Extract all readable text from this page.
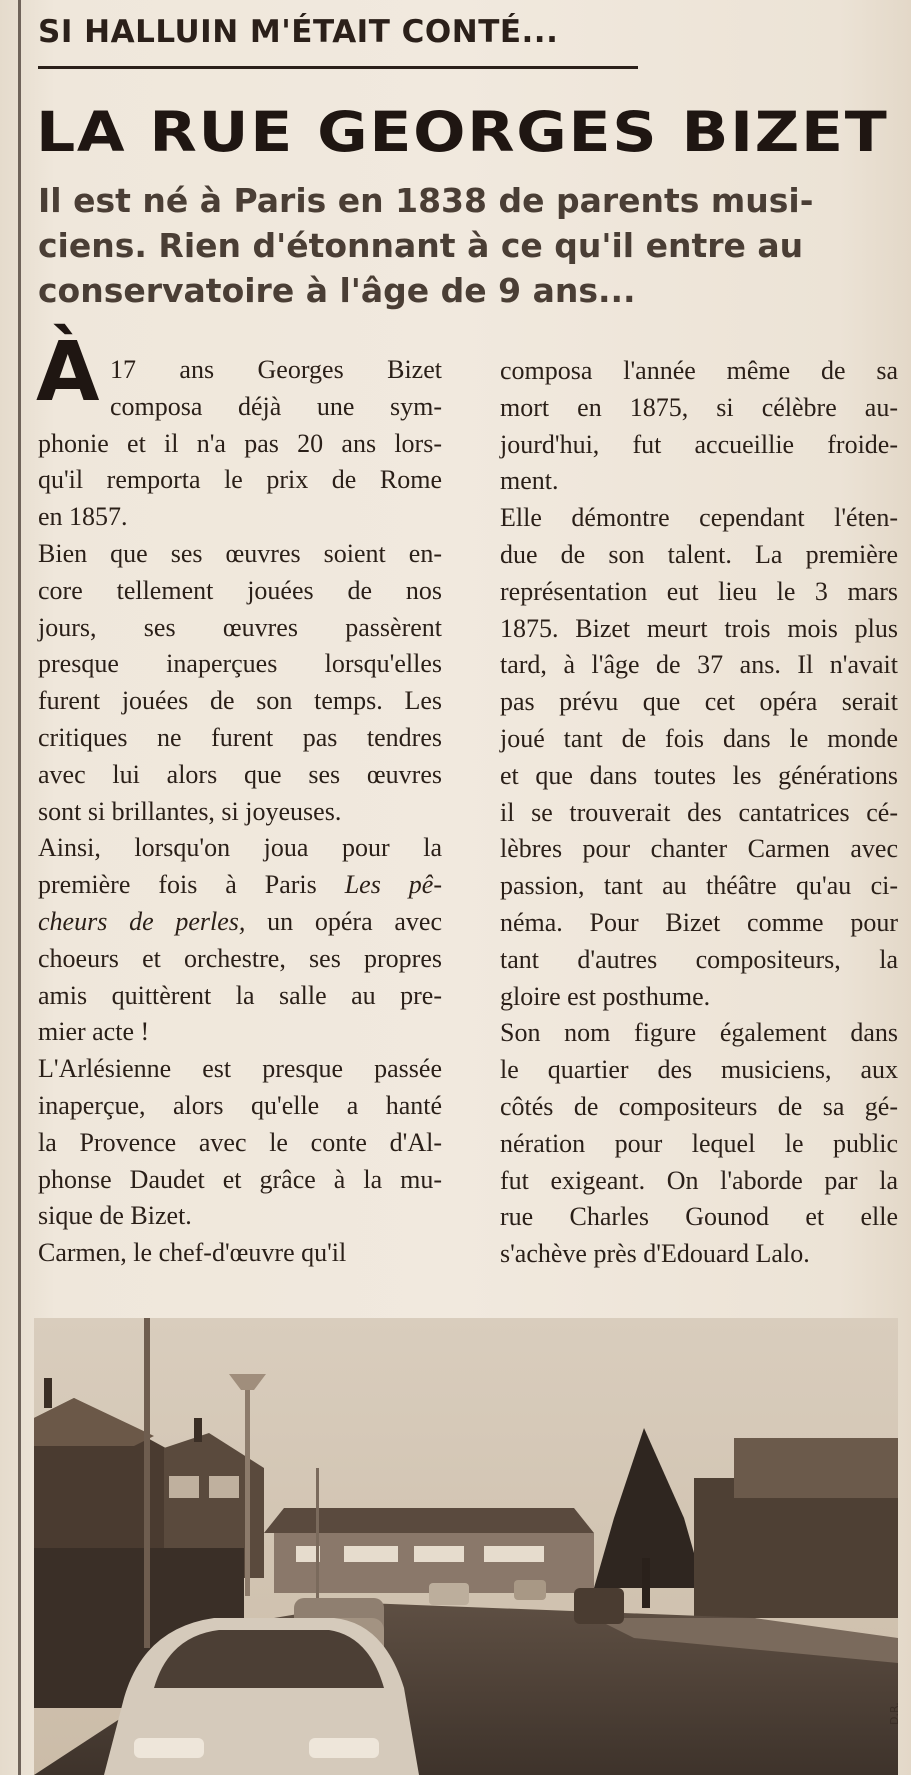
SI HALLUIN M'ÉTAIT CONTÉ...
LA RUE GEORGES BIZET
Il est né à Paris en 1838 de parents musi-
ciens. Rien d'étonnant à ce qu'il entre au
conservatoire à l'âge de 9 ans...
À 17 ans Georges Bizet
composa déjà une sym-
phonie et il n'a pas 20 ans lors-
qu'il remporta le prix de Rome
en 1857.
Bien que ses œuvres soient en-
core tellement jouées de nos
jours, ses œuvres passèrent
presque inaperçues lorsqu'elles
furent jouées de son temps. Les
critiques ne furent pas tendres
avec lui alors que ses œuvres
sont si brillantes, si joyeuses.
Ainsi, lorsqu'on joua pour la
première fois à Paris Les pê-
cheurs de perles, un opéra avec
choeurs et orchestre, ses propres
amis quittèrent la salle au pre-
mier acte !
L'Arlésienne est presque passée
inaperçue, alors qu'elle a hanté
la Provence avec le conte d'Al-
phonse Daudet et grâce à la mu-
sique de Bizet.
Carmen, le chef-d'œuvre qu'il
composa l'année même de sa
mort en 1875, si célèbre au-
jourd'hui, fut accueillie froide-
ment.
Elle démontre cependant l'éten-
due de son talent. La première
représentation eut lieu le 3 mars
1875. Bizet meurt trois mois plus
tard, à l'âge de 37 ans. Il n'avait
pas prévu que cet opéra serait
joué tant de fois dans le monde
et que dans toutes les générations
il se trouverait des cantatrices cé-
lèbres pour chanter Carmen avec
passion, tant au théâtre qu'au ci-
néma. Pour Bizet comme pour
tant d'autres compositeurs, la
gloire est posthume.
Son nom figure également dans
le quartier des musiciens, aux
côtés de compositeurs de sa gé-
nération pour lequel le public
fut exigeant. On l'aborde par la
rue Charles Gounod et elle
s'achève près d'Edouard Lalo.
D.R.
